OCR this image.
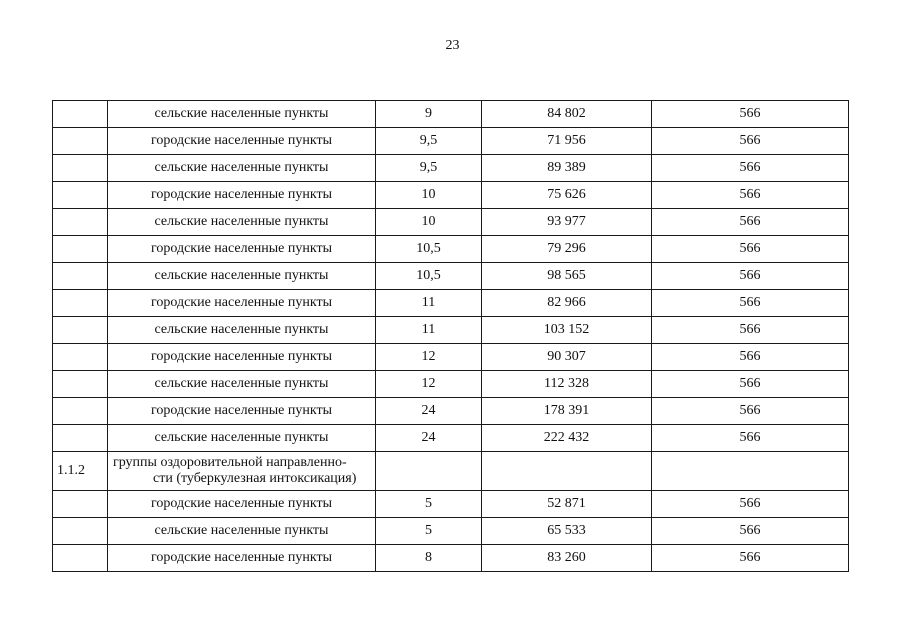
23
	сельские населенные пункты	9	84 802	566
	городские населенные пункты	9,5	71 956	566
	сельские населенные пункты	9,5	89 389	566
	городские населенные пункты	10	75 626	566
	сельские населенные пункты	10	93 977	566
	городские населенные пункты	10,5	79 296	566
	сельские населенные пункты	10,5	98 565	566
	городские населенные пункты	11	82 966	566
	сельские населенные пункты	11	103 152	566
	городские населенные пункты	12	90 307	566
	сельские населенные пункты	12	112 328	566
	городские населенные пункты	24	178 391	566
	сельские населенные пункты	24	222 432	566
1.1.2	группы оздоровительной направленно-
сти (туберкулезная интоксикация)			

	городские населенные пункты	5	52 871	566
	сельские населенные пункты	5	65 533	566
	городские населенные пункты	8	83 260	566
